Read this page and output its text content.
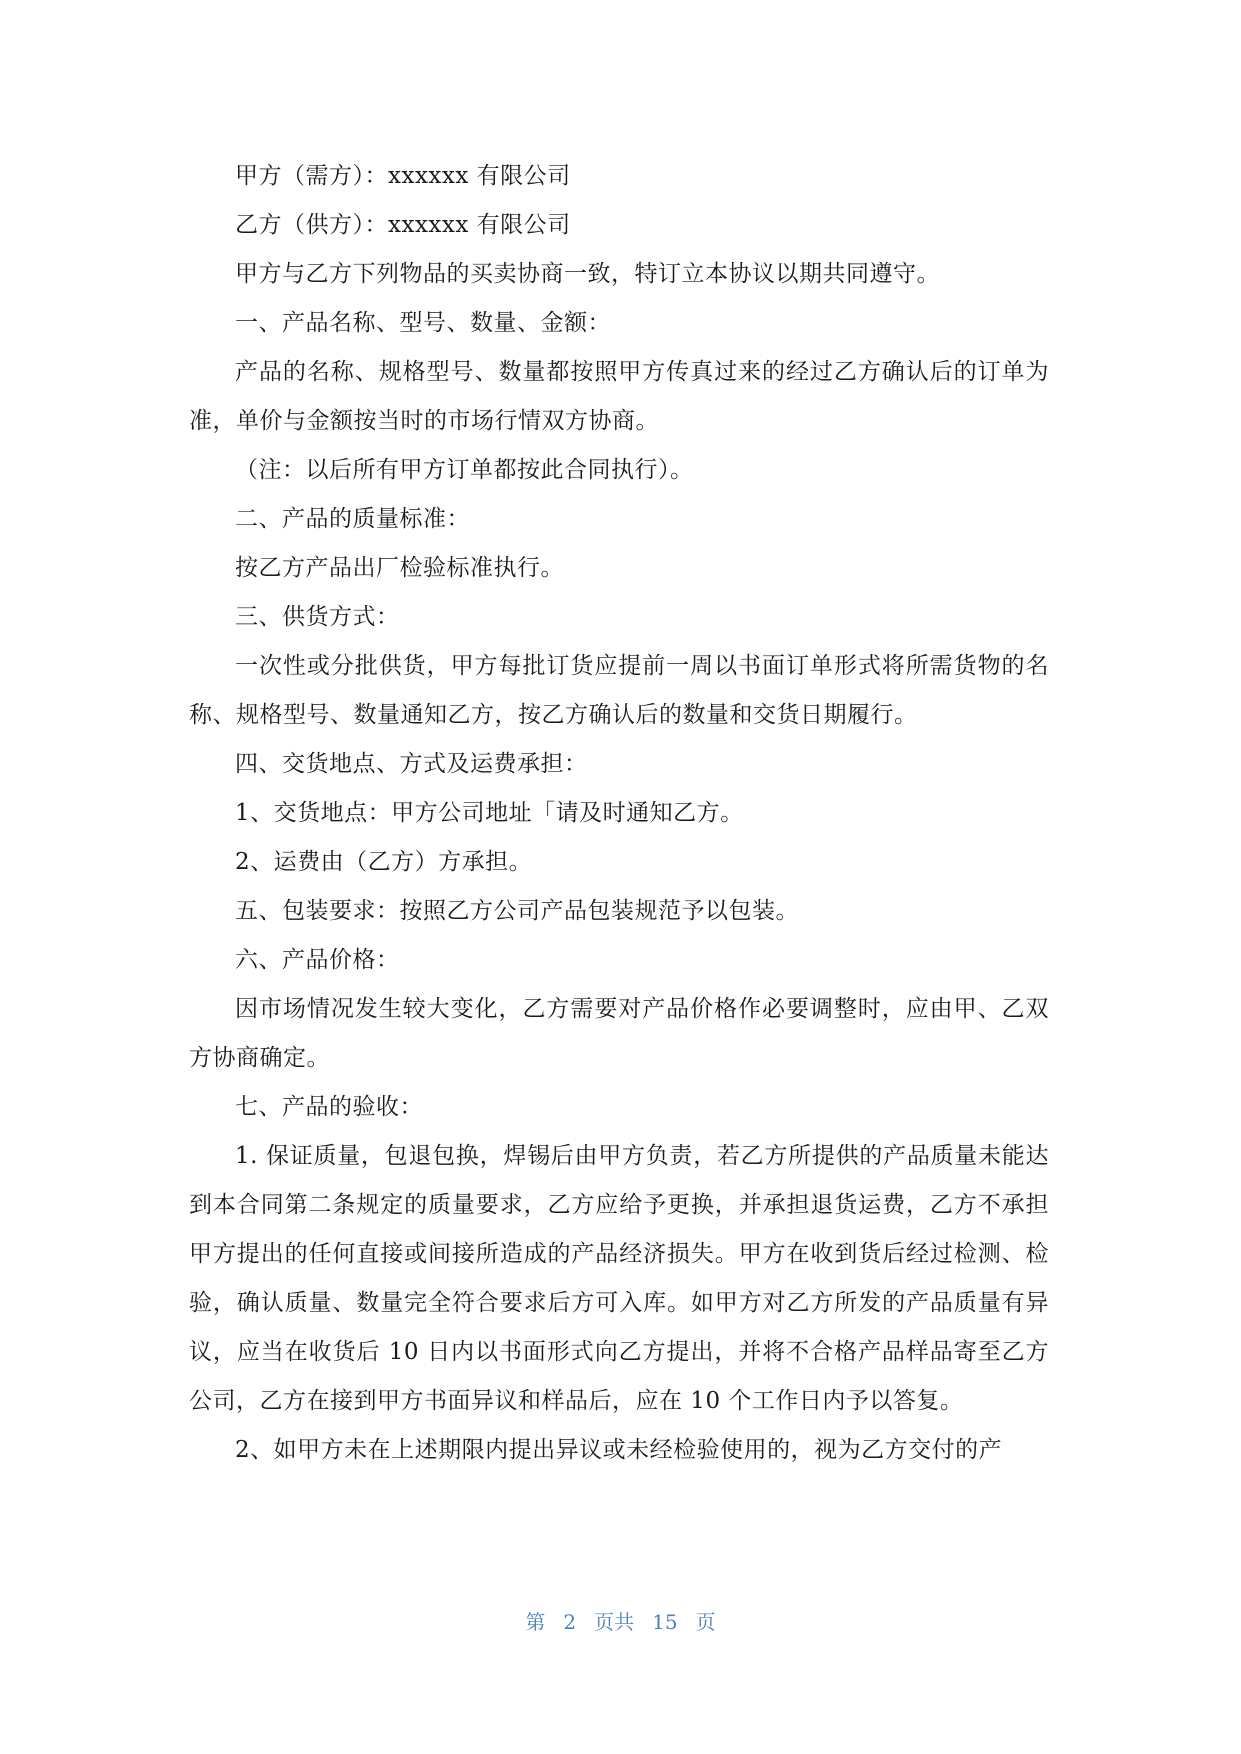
甲方（需方）：xxxxxx 有限公司

乙方（供方）：xxxxxx 有限公司

甲方与乙方下列物品的买卖协商一致，特订立本协议以期共同遵守。

一、产品名称、型号、数量、金额：

产品的名称、规格型号、数量都按照甲方传真过来的经过乙方确认后的订单为准，单价与金额按当时的市场行情双方协商。

（注：以后所有甲方订单都按此合同执行）。

二、产品的质量标准：

按乙方产品出厂检验标准执行。

三、供货方式：

一次性或分批供货，甲方每批订货应提前一周以书面订单形式将所需货物的名称、规格型号、数量通知乙方，按乙方确认后的数量和交货日期履行。

四、交货地点、方式及运费承担：

1、交货地点：甲方公司地址「请及时通知乙方。

2、运费由（乙方）方承担。

五、包装要求：按照乙方公司产品包装规范予以包装。

六、产品价格：

因市场情况发生较大变化，乙方需要对产品价格作必要调整时，应由甲、乙双方协商确定。

七、产品的验收：

1. 保证质量，包退包换，焊锡后由甲方负责，若乙方所提供的产品质量未能达到本合同第二条规定的质量要求，乙方应给予更换，并承担退货运费，乙方不承担甲方提出的任何直接或间接所造成的产品经济损失。甲方在收到货后经过检测、检验，确认质量、数量完全符合要求后方可入库。如甲方对乙方所发的产品质量有异议，应当在收货后 10 日内以书面形式向乙方提出，并将不合格产品样品寄至乙方公司，乙方在接到甲方书面异议和样品后，应在 10 个工作日内予以答复。

2、如甲方未在上述期限内提出异议或未经检验使用的，视为乙方交付的产

第 2 页共 15 页
